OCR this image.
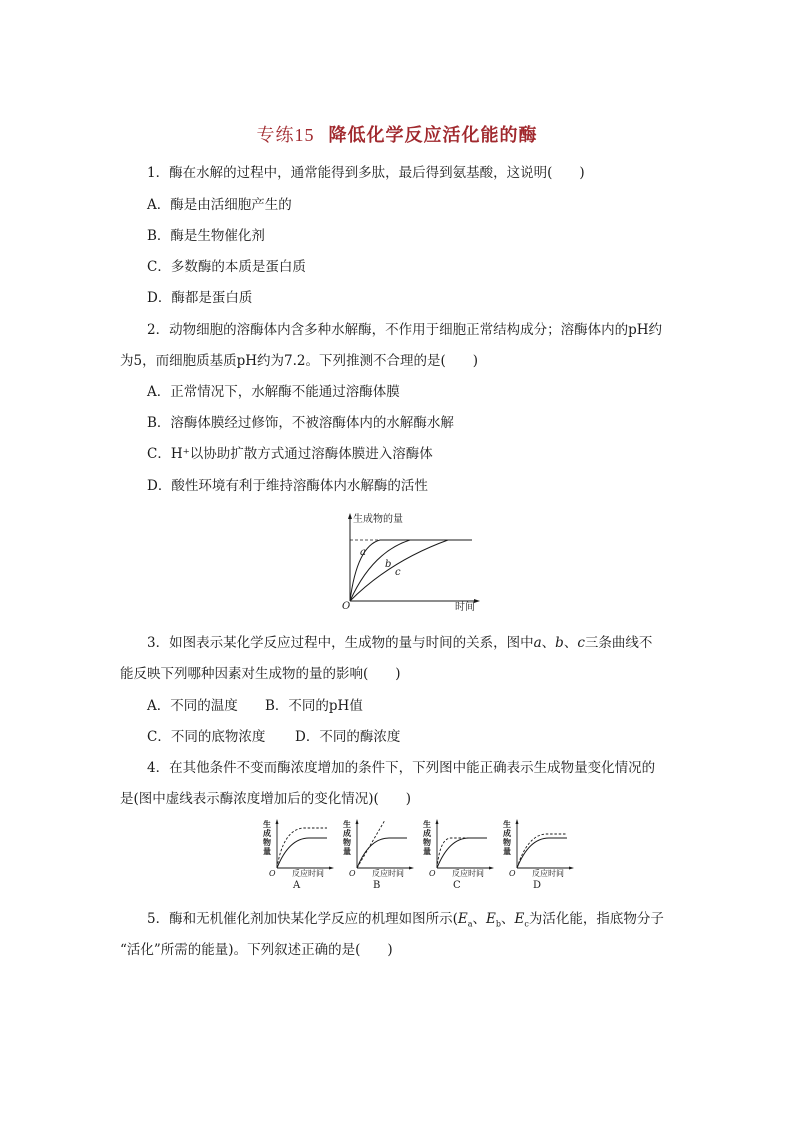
专练15 降低化学反应活化能的酶
1．酶在水解的过程中，通常能得到多肽，最后得到氨基酸，这说明(　　)
A．酶是由活细胞产生的
B．酶是生物催化剂
C．多数酶的本质是蛋白质
D．酶都是蛋白质
2．动物细胞的溶酶体内含多种水解酶，不作用于细胞正常结构成分；溶酶体内的pH约
为5，而细胞质基质pH约为7.2。下列推测不合理的是(　　)
A．正常情况下，水解酶不能通过溶酶体膜
B．溶酶体膜经过修饰，不被溶酶体内的水解酶水解
C．H⁺以协助扩散方式通过溶酶体膜进入溶酶体
D．酸性环境有利于维持溶酶体内水解酶的活性
生成物的量
O	时间
a
b
c
3．如图表示某化学反应过程中，生成物的量与时间的关系，图中a、b、c三条曲线不
能反映下列哪种因素对生成物的量的影响(　　)
A．不同的温度 B．不同的pH值
C．不同的底物浓度 D．不同的酶浓度
4．在其他条件不变而酶浓度增加的条件下，下列图中能正确表示生成物量变化情况的
是(图中虚线表示酶浓度增加后的变化情况)(　　)
生
成
物
量
O 反应时间
A
生
成
物
量
O 反应时间
B
生
成
物
量
O 反应时间
C
生
成
物
量
O 反应时间
D
5．酶和无机催化剂加快某化学反应的机理如图所示($E_a$、$E_b$、$E_c$为活化能，指底物分子
“活化”所需的能量)。下列叙述正确的是(　　)
